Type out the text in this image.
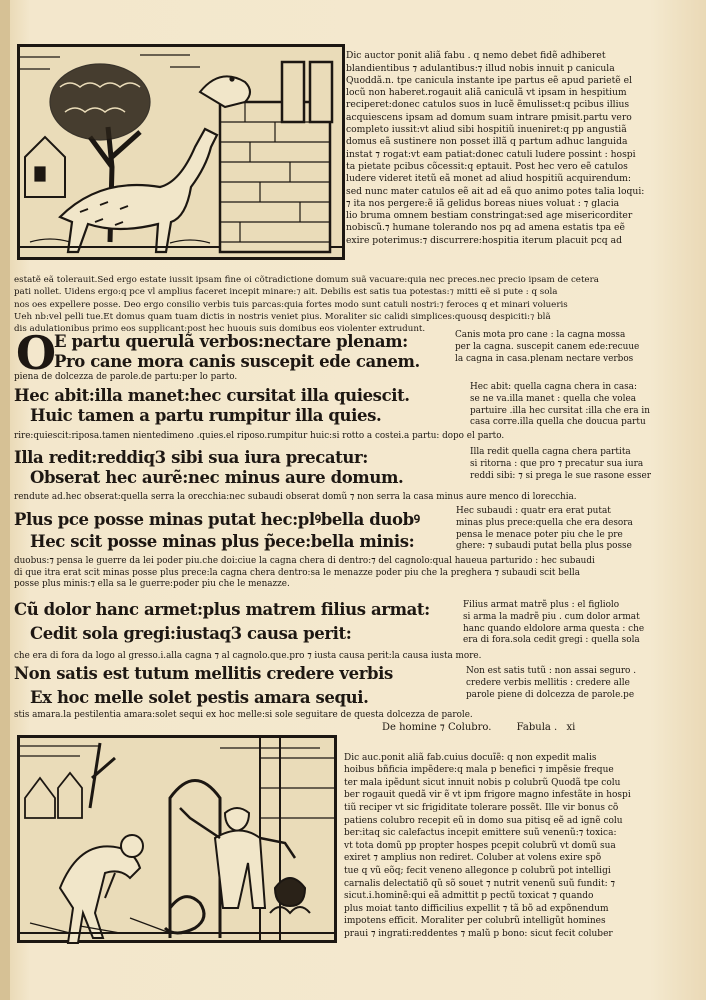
Dic auctor ponit aliã fabu . q nemo debet fidẽ adhiberet
blandientibus ⁊ adulantibus:⁊ illud nobis innuit p canicula
Quoddã.n. tpe canicula instante ipe partus eẽ apud parietẽ el
locũ non haberet.rogauit aliã caniculã vt ipsam in hespitium
reciperet:donec catulos suos in lucẽ ẽmulisset:q pcibus illius
acquiescens ipsam ad domum suam intrare pmisit.partu vero
completo iussit:vt aliud sibi hospitiũ inueniret:q pp angustiã
domus eã sustinere non posset illã q partum adhuc languida
instat ⁊ rogat:vt eam patiat:donec catuli ludere possint : hospi
ta pietate pcibus cõcessit:q eptauit. Post hec vero eẽ catulos
ludere videret itetũ eã monet ad aliud hospitiũ acquirendum:
sed nunc mater catulos eẽ ait ad eã quo animo potes talia loqui:
⁊ ita nos pergere:ẽ iã gelidus boreas niues voluat : ⁊ glacia
lio bruma omnem bestiam constringat:sed age misericorditer
nobiscũ.⁊ humane tolerando nos pq ad amena estatis tpa eẽ
exire poterimus:⁊ discurrere:hospitia iterum placuit pcq ad

estatẽ eã tolerauit.Sed ergo estate iussit ipsam fine oi cõtradictione domum suã vacuare:quia nec preces.nec precio ipsam de cetera
pati nollet. Uidens ergo:q pce vl amplius faceret incepit minare:⁊ ait. Debilis est satis tua potestas:⁊ mitti eẽ si pute : q sola
nos oes expellere posse. Deo ergo consilio verbis tuis parcas:quia fortes modo sunt catuli nostri:⁊ feroces q et minari volueris
Ueh nb:vel pelli tue.Et domus quam tuam dictis in nostris veniet pius. Moraliter sic calidi simplices:quousq despiciti:⁊ blã
dis adulationibus primo eos supplicant:post hec huouis suis domibus eos violenter extrudunt.

O
E partu querulã verbos:nectare plenam:
Pro cane mora canis suscepit ede canem.

Canis mota pro cane : la cagna mossa
per la cagna. suscepit canem ede:recuue
la cagna in casa.plenam nectare verbos

piena de dolcezza de parole.de partu:per lo parto.

Hec abit:illa manet:hec cursitat illa quiescit.
Huic tamen a partu rumpitur illa quies.

Hec abit: quella cagna chera in casa:
se ne va.illa manet : quella che volea
partuire .illa hec cursitat :illa che era in
casa corre.illa quella che doucua partu

rire:quiescit:riposa.tamen nientedimeno .quies.el riposo.rumpitur huic:si rotto a costei.a partu: dopo el parto.

Illa redit:reddiq3 sibi sua iura precatur:
Obserat hec aurẽ:nec minus aure domum.

Illa redit quella cagna chera partita
si ritorna : que pro ⁊ precatur sua iura
reddi sibi: ⁊ si prega le sue rasone esser

rendute ad.hec obserat:quella serra la orecchia:nec subaudi obserat domũ ⁊ non serra la casa minus aure menco di lorecchia.

Plus pce posse minas putat hec:plꝰbella duobꝰ
Hec scit posse minas plus p̃ece:bella minis:

Hec subaudi : quatr era erat putat
minas plus prece:quella che era desora
pensa le menace poter piu che le pre
ghere: ⁊ subaudi putat bella plus posse

duobus:⁊ pensa le guerre da lei poder piu.che doi:ciue la cagna chera di dentro:⁊ del cagnolo:qual haueua parturido : hec subaudi
di que itra erat scit minas posse plus prece:la cagna chera dentro:sa le menazze poder piu che la preghera ⁊ subaudi scit bella
posse plus minis:⁊ ella sa le guerre:poder piu che le menazze.

Cũ dolor hanc armet:plus matrem filius armat:
Cedit sola gregi:iustaq3 causa perit:

Filius armat matrẽ plus : el figliolo
si arma la madrẽ piu . cum dolor armat
hanc quando eldolore arma questa : che
era di fora.sola cedit gregi : quella sola

che era di fora da logo al gresso.i.alla cagna ⁊ al cagnolo.que.pro ⁊ iusta causa perit:la causa iusta more.

Non satis est tutum mellitis credere verbis
Ex hoc melle solet pestis amara sequi.

Non est satis tutũ : non assai seguro .
credere verbis mellitis : credere alle
parole piene di dolcezza de parole.pe

stis amara.la pestilentia amara:solet sequi ex hoc melle:si sole seguitare de questa dolcezza de parole.

De homine ⁊ Colubro.	Fabula . xi

Dic auc.ponit aliã fab.cuius docuĩẽ: q non expedit malis
hoibus bñficia impẽdere:q mala p benefici ⁊ impẽsie freque
ter mala ipẽdunt sicut innuit nobis p colubrũ Quodã tpe colu
ber rogauit quedã vir ẽ vt ipm frigore magno infestãte in hospi
tiũ reciper vt sic frigiditate tolerare possẽt. Ille vir bonus cõ
patiens colubro recepit eũ in domo sua pitisq eẽ ad ignẽ colu
ber:itaq sic calefactus incepit emittere suũ venenũ:⁊ toxica:
vt tota domũ pp propter hospes pcepit colubrũ vt domũ sua
exiret ⁊ amplius non rediret. Coluber at volens exire spõ
tue q vũ eõq; fecit veneno allegonce p colubrũ pot intelligi
carnalis delectatiõ qũ sõ souet ⁊ nutrit venenũ suũ fundit: ⁊
sicut.i.hominẽ:qui eã admittit p pectũ toxicat ⁊ quando
plus moiat tanto difficilius expellit ⁊ tã bõ ad expõnendum
impotens efficit. Moraliter per colubrũ intelligũt homines
praui ⁊ ingrati:reddentes ⁊ malũ p bono: sicut fecit coluber
